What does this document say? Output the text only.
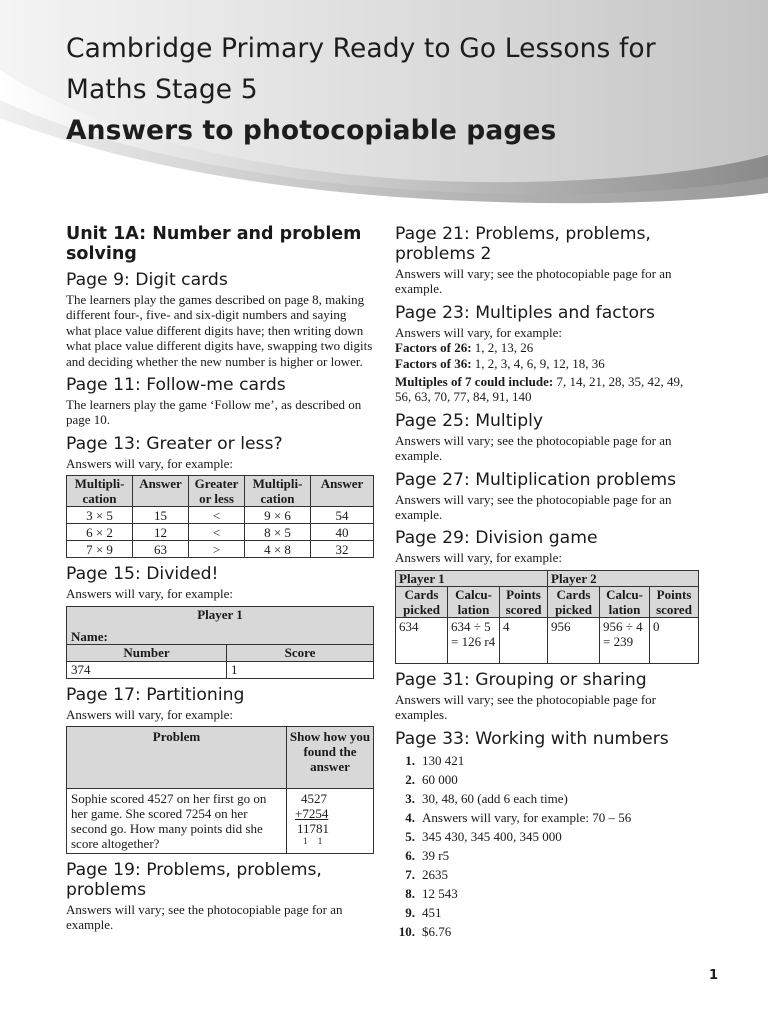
Cambridge Primary Ready to Go Lessons for
Maths Stage 5
Answers to photocopiable pages
Unit 1A: Number and problem solving
Page 9: Digit cards

The learners play the games described on page 8, making different four-, five- and six-digit numbers and saying what place value different digits have; then writing down what place value different digits have, swapping two digits and deciding whether the new number is higher or lower.

Page 11: Follow-me cards

The learners play the game ‘Follow me’, as described on page 10.

Page 13: Greater or less?

Answers will vary, for example:

Multipli-cation	Answer	Greater or less	Multipli-cation	Answer
3 × 5	15	<	9 × 6	54
6 × 2	12	<	8 × 5	40
7 × 9	63	>	4 × 8	32
Page 15: Divided!

Answers will vary, for example:

Player 1
Name:	

Number	Score
374	1
Page 17: Partitioning

Answers will vary, for example:

Problem	Show how you found the answer
Sophie scored 4527 on her first go on her game. She scored 7254 on her second go. How many points did she score altogether?	4527
+7254
11781
1 1
Page 19: Problems, problems, problems

Answers will vary; see the photocopiable page for an example.

Page 21: Problems, problems, problems 2

Answers will vary; see the photocopiable page for an example.

Page 23: Multiples and factors

Answers will vary, for example:

Factors of 26: 1, 2, 13, 26

Factors of 36: 1, 2, 3, 4, 6, 9, 12, 18, 36

Multiples of 7 could include: 7, 14, 21, 28, 35, 42, 49, 56, 63, 70, 77, 84, 91, 140

Page 25: Multiply

Answers will vary; see the photocopiable page for an example.

Page 27: Multiplication problems

Answers will vary; see the photocopiable page for an example.

Page 29: Division game

Answers will vary, for example:

Player 1			Player 2		
Cards picked	Calcu-lation	Points scored	Cards picked	Calcu-lation	Points scored
634	634 ÷ 5 = 126 r4	4	956	956 ÷ 4 = 239	0
Page 31: Grouping or sharing

Answers will vary; see the photocopiable page for examples.

Page 33: Working with numbers
1. 130 421
2. 60 000
3. 30, 48, 60 (add 6 each time)
4. Answers will vary, for example: 70 – 56
5. 345 430, 345 400, 345 000
6. 39 r5
7. 2635
8. 12 543
9. 451
10. $6.76
1
